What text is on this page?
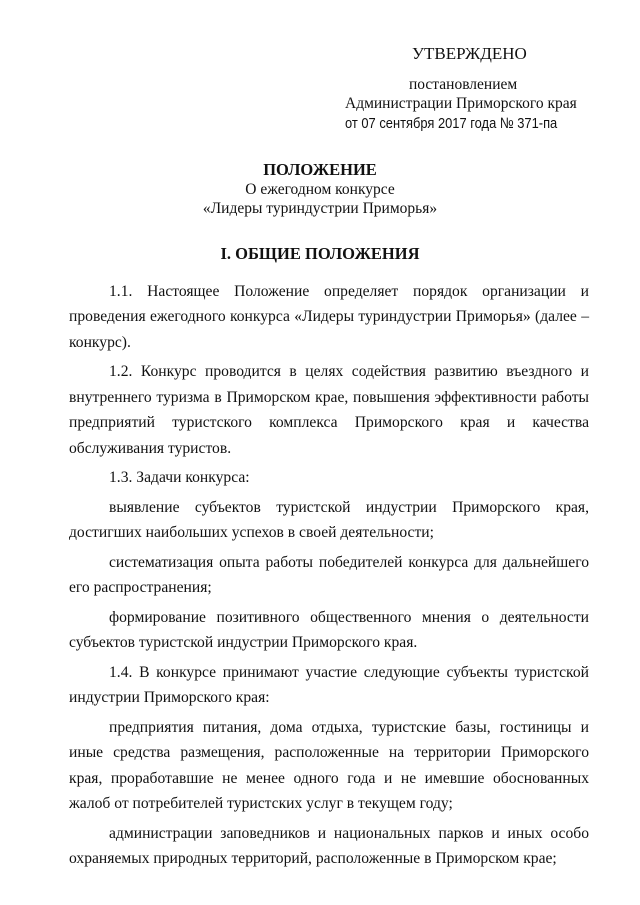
УТВЕРЖДЕНО
постановлением
Администрации Приморского края
от 07 сентября 2017 года № 371-па
ПОЛОЖЕНИЕ
О ежегодном конкурсе
«Лидеры туриндустрии Приморья»
I. ОБЩИЕ ПОЛОЖЕНИЯ

1.1. Настоящее Положение определяет порядок организации и проведения ежегодного конкурса «Лидеры туриндустрии Приморья» (далее – конкурс).

1.2. Конкурс проводится в целях содействия развитию въездного и внутреннего туризма в Приморском крае, повышения эффективности работы предприятий туристского комплекса Приморского края и качества обслуживания туристов.

1.3. Задачи конкурса:

выявление субъектов туристской индустрии Приморского края, достигших наибольших успехов в своей деятельности;

систематизация опыта работы победителей конкурса для дальнейшего его распространения;

формирование позитивного общественного мнения о деятельности субъектов туристской индустрии Приморского края.

1.4. В конкурсе принимают участие следующие субъекты туристской индустрии Приморского края:

предприятия питания, дома отдыха, туристские базы, гостиницы и иные средства размещения, расположенные на территории Приморского края, проработавшие не менее одного года и не имевшие обоснованных жалоб от потребителей туристских услуг в текущем году;

администрации заповедников и национальных парков и иных особо охраняемых природных территорий, расположенные в Приморском крае;
